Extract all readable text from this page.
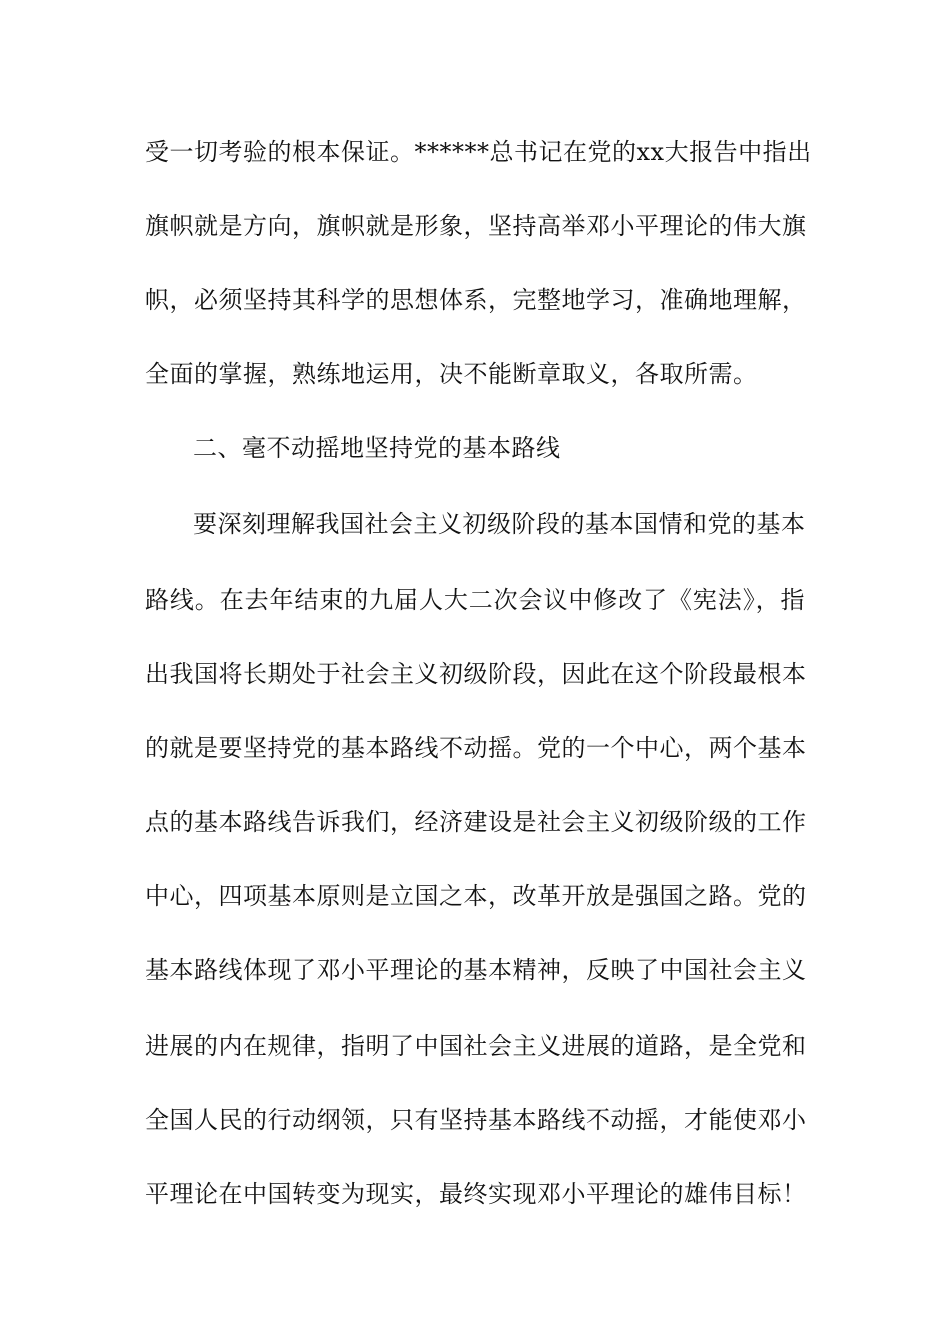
受一切考验的根本保证。******总书记在党的xx大报告中指出
旗帜就是方向，旗帜就是形象，坚持高举邓小平理论的伟大旗
帜，必须坚持其科学的思想体系，完整地学习，准确地理解，
全面的掌握，熟练地运用，决不能断章取义，各取所需。
二、毫不动摇地坚持党的基本路线
要深刻理解我国社会主义初级阶段的基本国情和党的基本
路线。在去年结束的九届人大二次会议中修改了《宪法》，指
出我国将长期处于社会主义初级阶段，因此在这个阶段最根本
的就是要坚持党的基本路线不动摇。党的一个中心，两个基本
点的基本路线告诉我们，经济建设是社会主义初级阶级的工作
中心，四项基本原则是立国之本，改革开放是强国之路。党的
基本路线体现了邓小平理论的基本精神，反映了中国社会主义
进展的内在规律，指明了中国社会主义进展的道路，是全党和
全国人民的行动纲领，只有坚持基本路线不动摇，才能使邓小
平理论在中国转变为现实，最终实现邓小平理论的雄伟目标！
